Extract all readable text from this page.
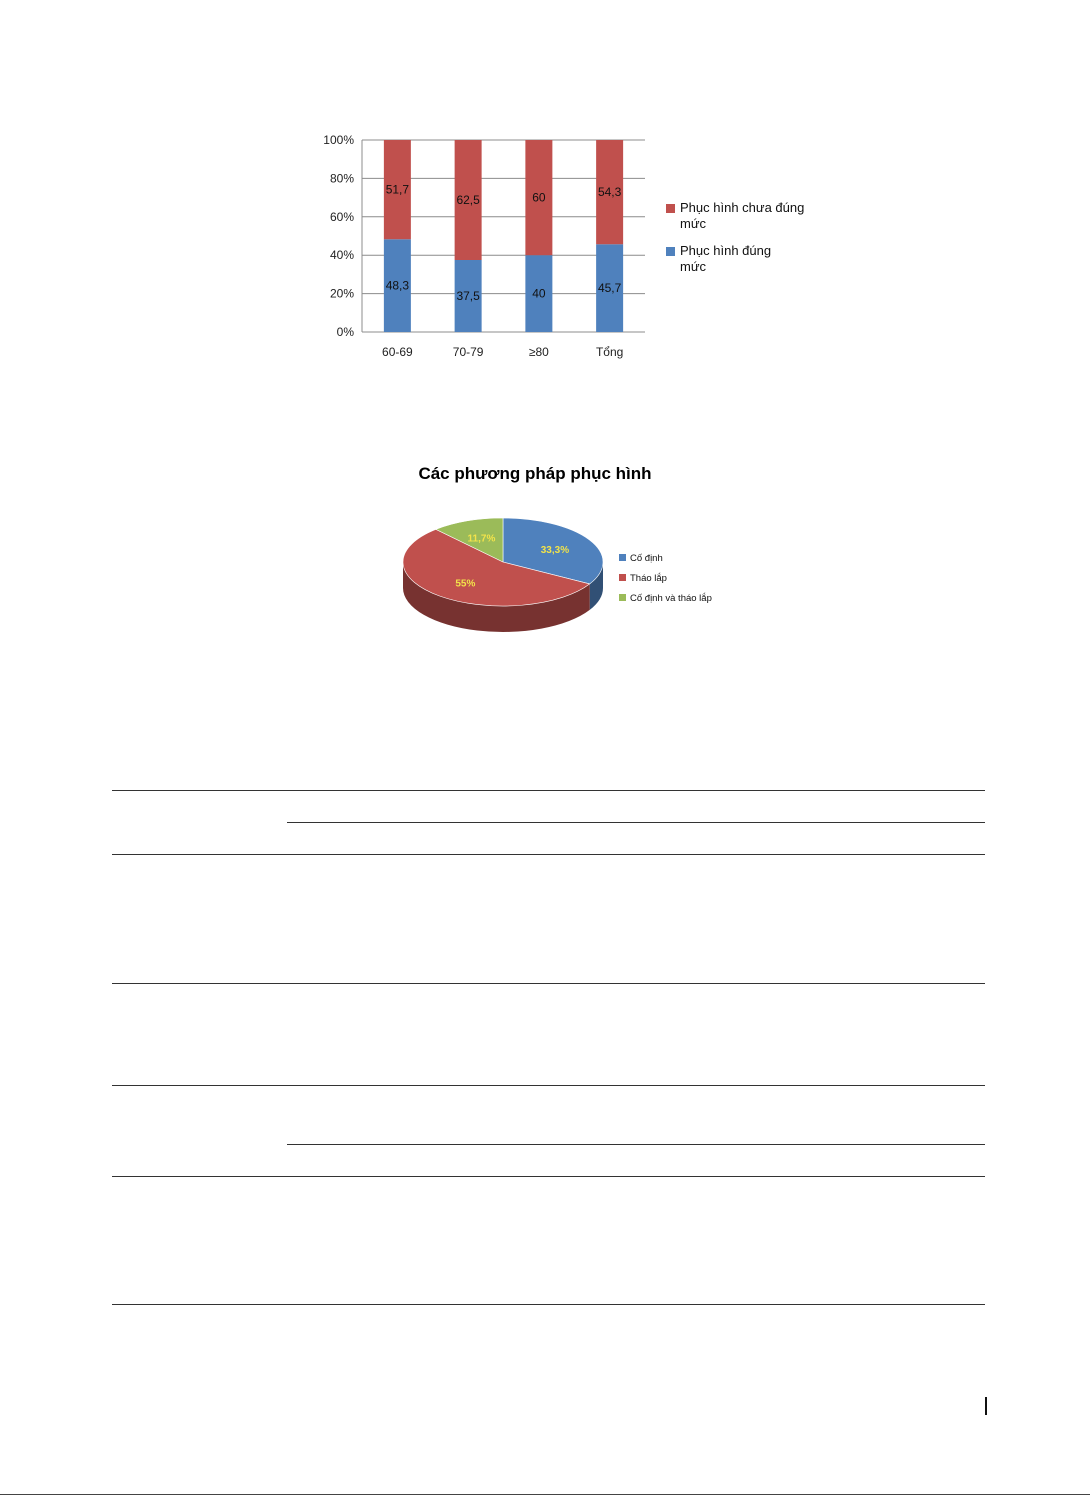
48,3
51,7
37,5
62,5
40
60
45,7
54,3
0%
20%
40%
60%
80%
100%
60-69	70-79	≥80	Tổng
Phục hình chưa đúng mức
Phục hình đúng mức
Các phương pháp phục hình
33,3%
55%
11,7%
Cố định
Tháo lắp
Cố định và tháo lắp
